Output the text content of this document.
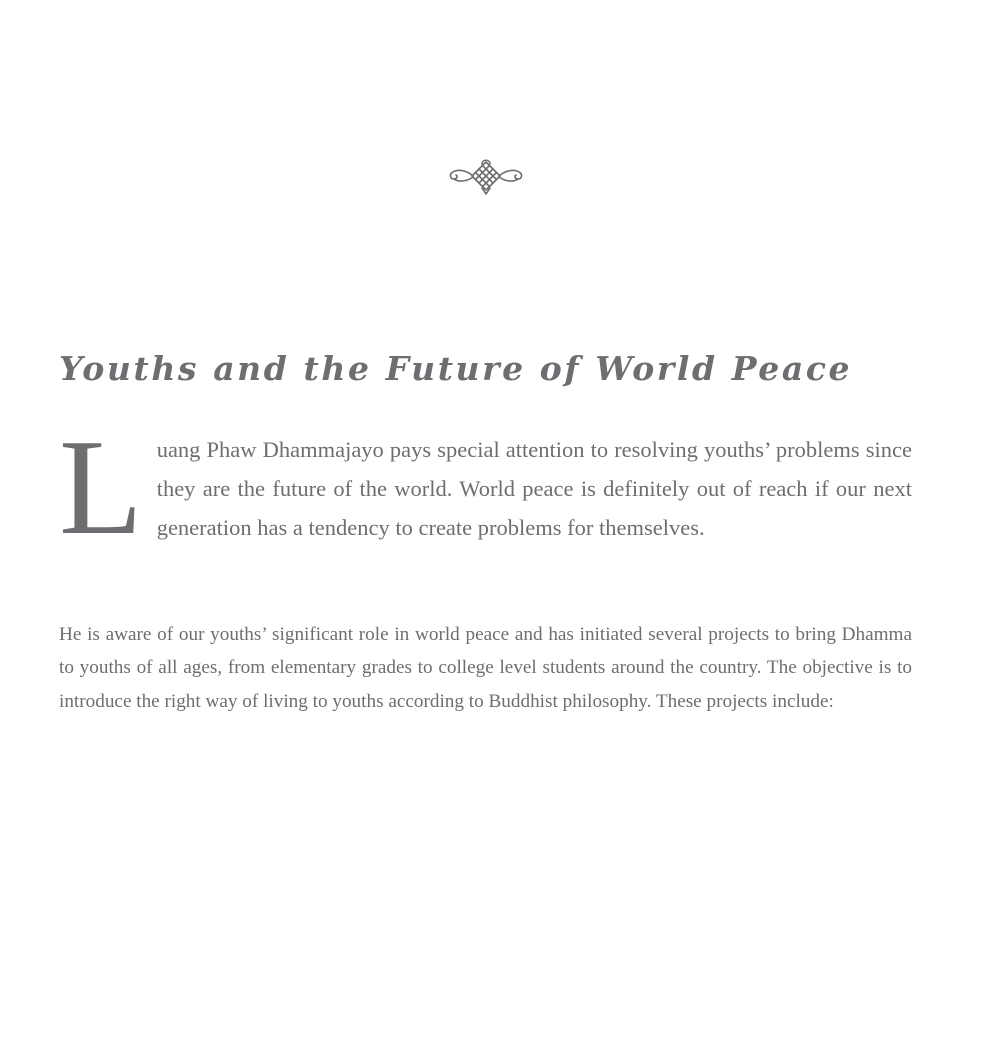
Youths and the Future of World Peace

Luang Phaw Dhammajayo pays special attention to resolving youths’ problems since they are the future of the world. World peace is definitely out of reach if our next generation has a tendency to create problems for themselves.

He is aware of our youths’ significant role in world peace and has initiated several projects to bring Dhamma to youths of all ages, from elementary grades to college level students around the country. The objective is to introduce the right way of living to youths according to Buddhist philosophy. These projects include:
